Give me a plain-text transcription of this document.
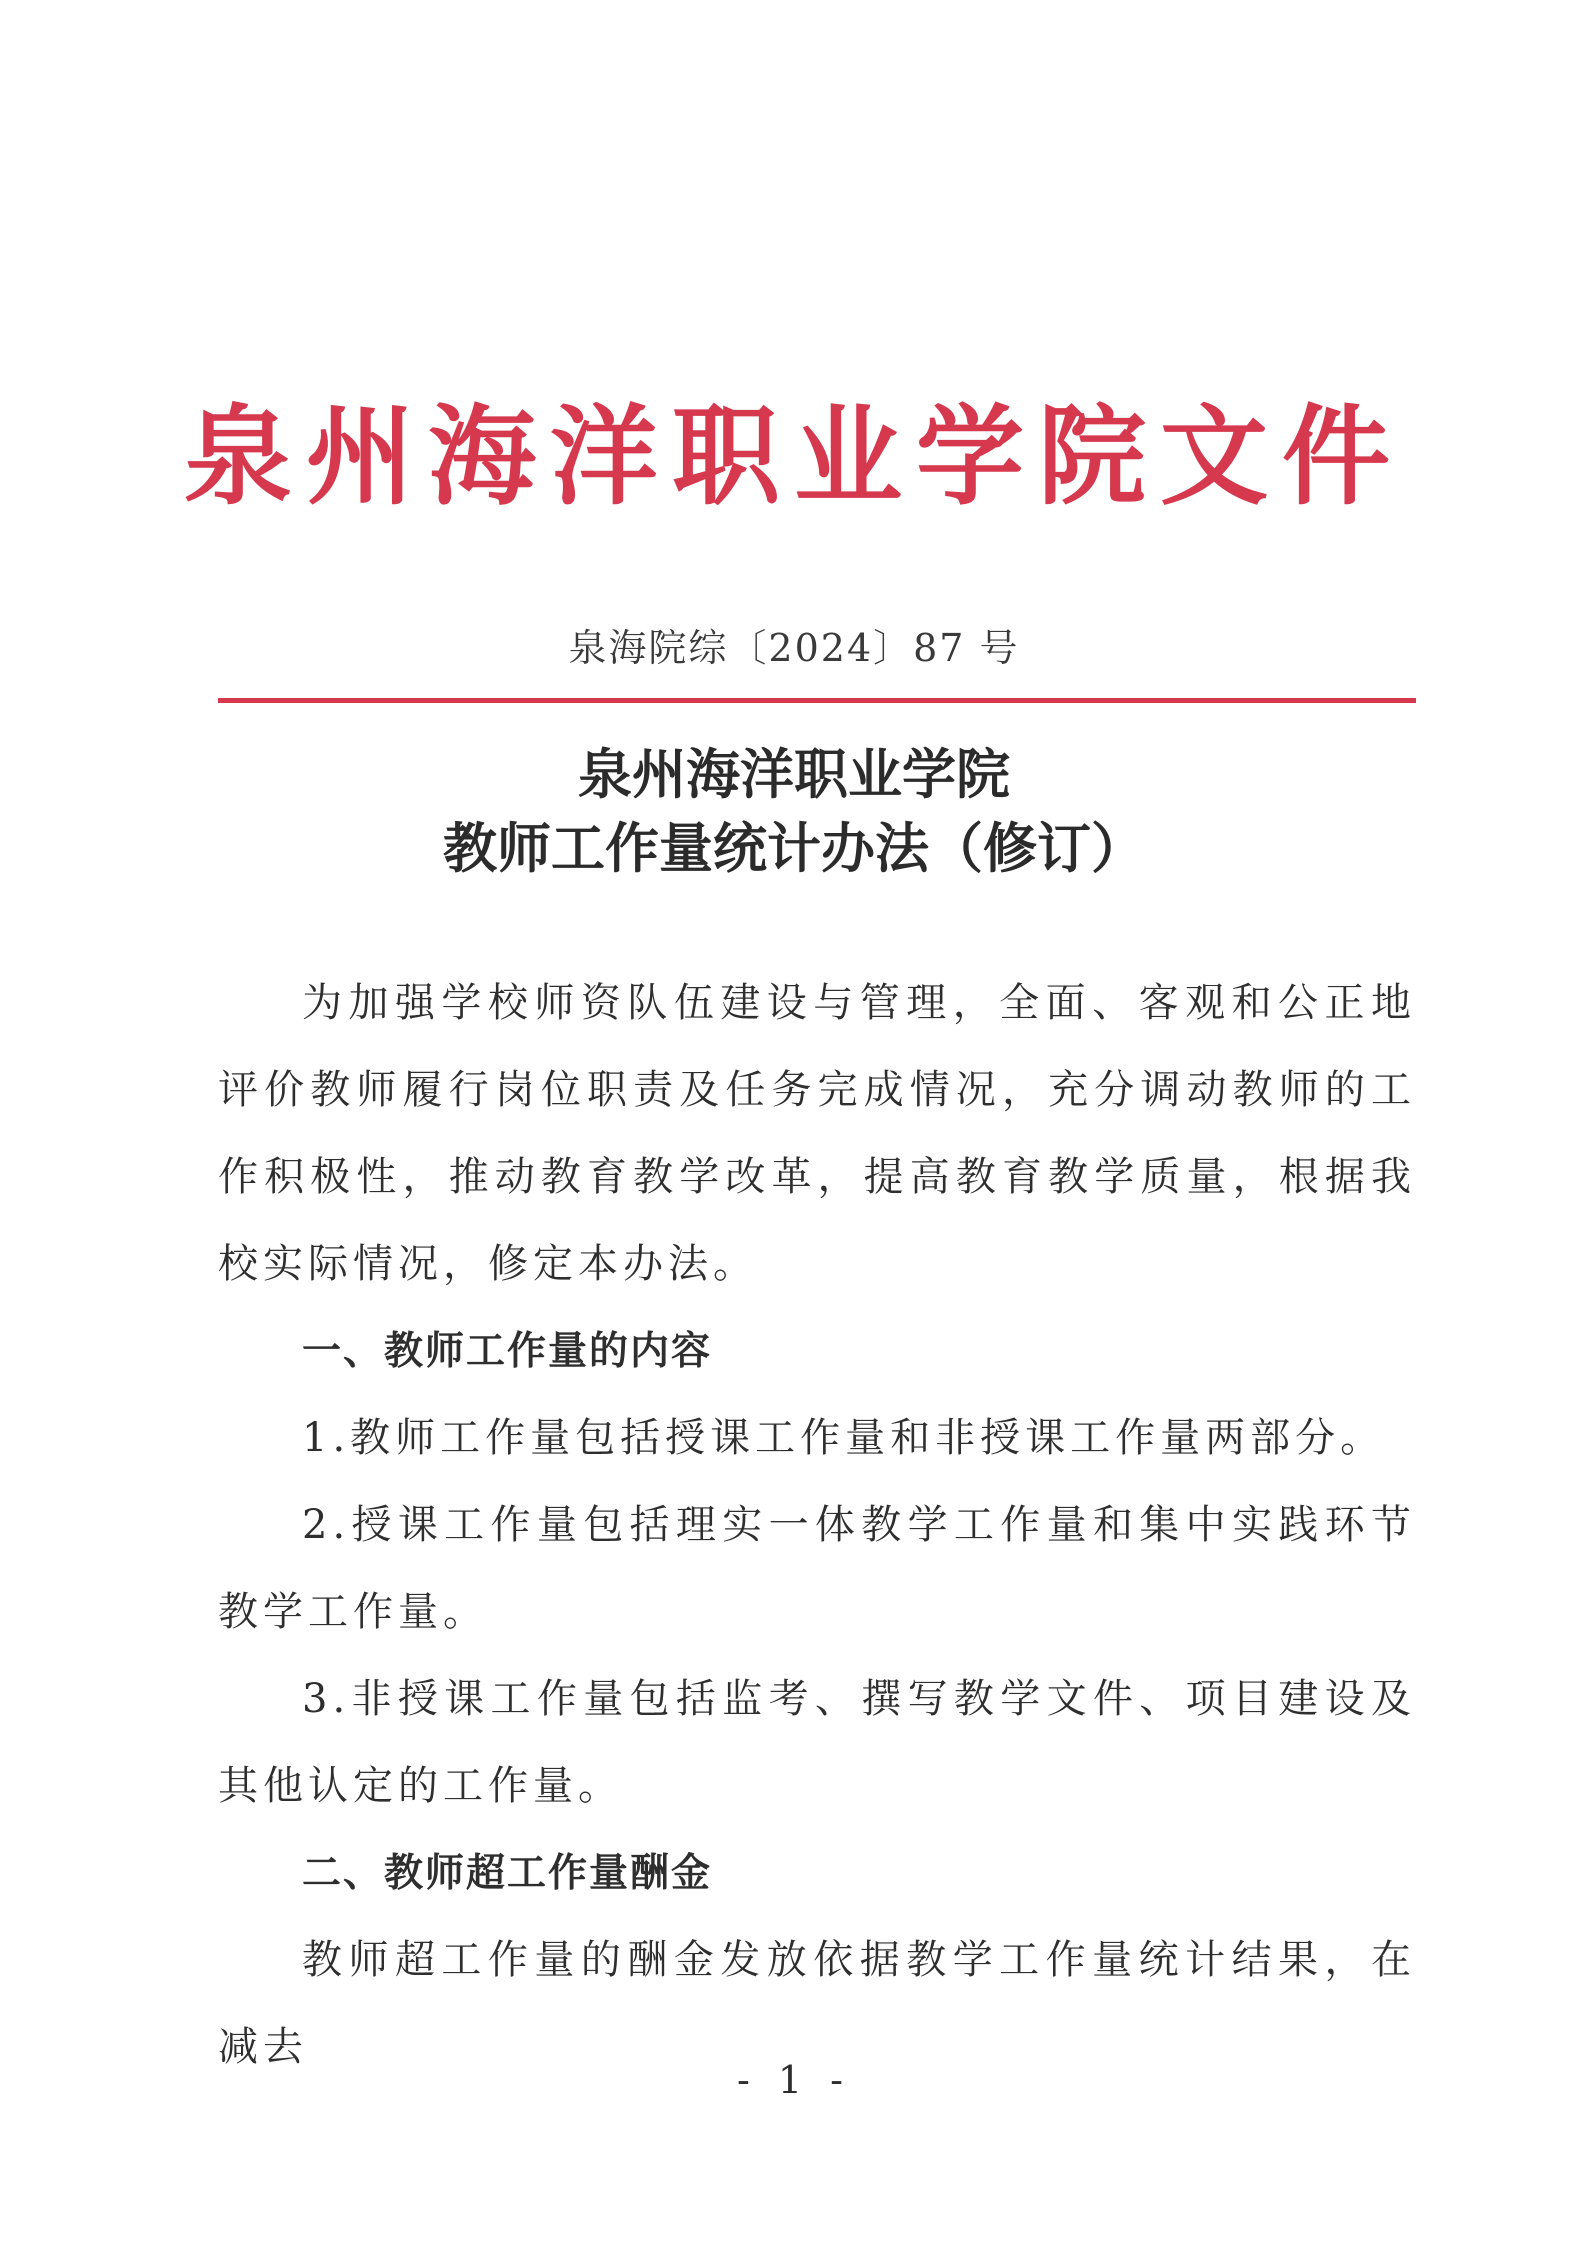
泉州海洋职业学院文件
泉海院综〔2024〕87 号
泉州海洋职业学院
教师工作量统计办法（修订）

为加强学校师资队伍建设与管理，全面、客观和公正地评价教师履行岗位职责及任务完成情况，充分调动教师的工作积极性，推动教育教学改革，提高教育教学质量，根据我校实际情况，修定本办法。

一、教师工作量的内容

1.教师工作量包括授课工作量和非授课工作量两部分。

2.授课工作量包括理实一体教学工作量和集中实践环节教学工作量。

3.非授课工作量包括监考、撰写教学文件、项目建设及其他认定的工作量。

二、教师超工作量酬金

教师超工作量的酬金发放依据教学工作量统计结果，在减去

- 1 -
